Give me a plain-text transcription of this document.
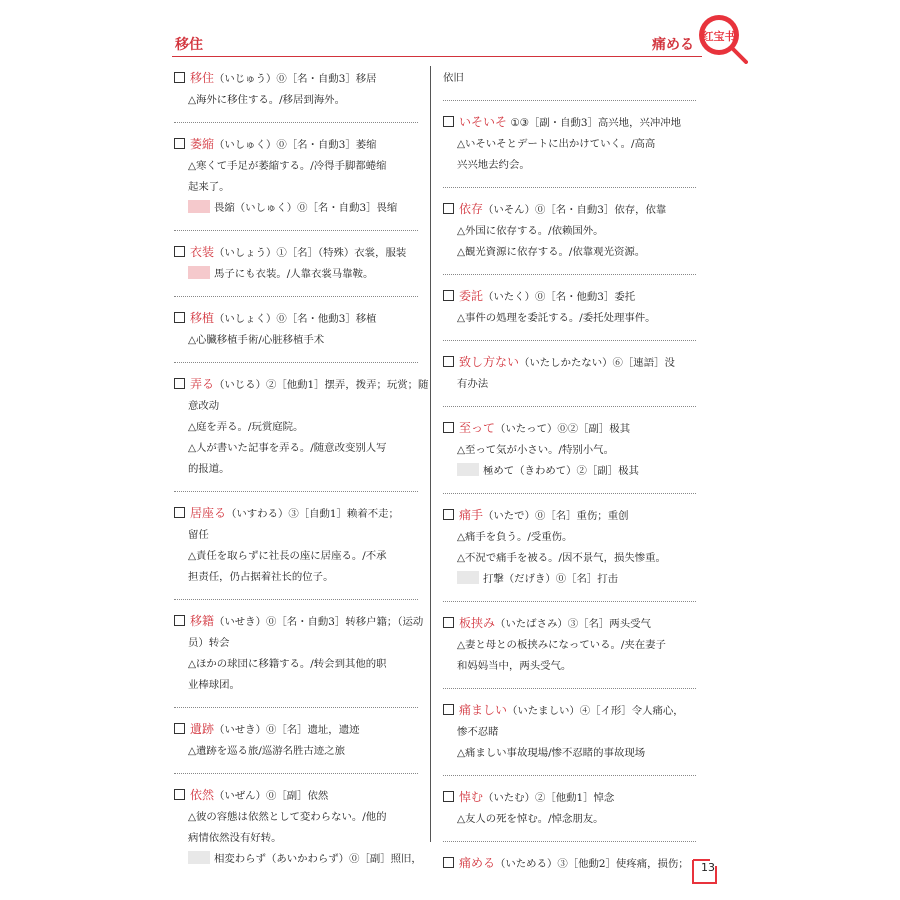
移住	痛める
红宝书

移住（いじゅう）⓪［名・自動3］移居

△海外に移住する。/移居到海外。

萎縮（いしゅく）⓪［名・自動3］萎缩

△寒くて手足が萎縮する。/冷得手脚都蜷缩

起来了。

畏縮（いしゅく）⓪［名・自動3］畏缩

衣装（いしょう）①［名］（特殊）衣裳，服装

馬子にも衣装。/人靠衣裳马靠鞍。

移植（いしょく）⓪［名・他動3］移植

△心臓移植手術/心脏移植手术

弄る（いじる）②［他動1］摆弄，拨弄；玩赏；随

意改动

△庭を弄る。/玩赏庭院。

△人が書いた記事を弄る。/随意改变别人写

的报道。

居座る（いすわる）③［自動1］赖着不走；

留任

△責任を取らずに社長の座に居座る。/不承

担责任，仍占据着社长的位子。

移籍（いせき）⓪［名・自動3］转移户籍；（运动

员）转会

△ほかの球団に移籍する。/转会到其他的职

业棒球团。

遺跡（いせき）⓪［名］遗址，遗迹

△遺跡を巡る旅/巡游名胜古迹之旅

依然（いぜん）⓪［副］依然

△彼の容態は依然として変わらない。/他的

病情依然没有好转。

相変わらず（あいかわらず）⓪［副］照旧，

依旧

いそいそ ①③［副・自動3］高兴地，兴冲冲地

△いそいそとデートに出かけていく。/高高

兴兴地去约会。

依存（いそん）⓪［名・自動3］依存，依靠

△外国に依存する。/依赖国外。

△観光資源に依存する。/依靠观光资源。

委託（いたく）⓪［名・他動3］委托

△事件の処理を委託する。/委托处理事件。

致し方ない（いたしかたない）⑥［連語］没

有办法

至って（いたって）⓪②［副］极其

△至って気が小さい。/特别小气。

極めて（きわめて）②［副］极其

痛手（いたで）⓪［名］重伤；重创

△痛手を負う。/受重伤。

△不況で痛手を被る。/因不景气，损失惨重。

打撃（だげき）⓪［名］打击

板挟み（いたばさみ）③［名］两头受气

△妻と母との板挟みになっている。/夹在妻子

和妈妈当中，两头受气。

痛ましい（いたましい）④［イ形］令人痛心，

惨不忍睹

△痛ましい事故現場/惨不忍睹的事故现场

悼む（いたむ）②［他動1］悼念

△友人の死を悼む。/悼念朋友。

痛める（いためる）③［他動2］使疼痛，损伤；	13
